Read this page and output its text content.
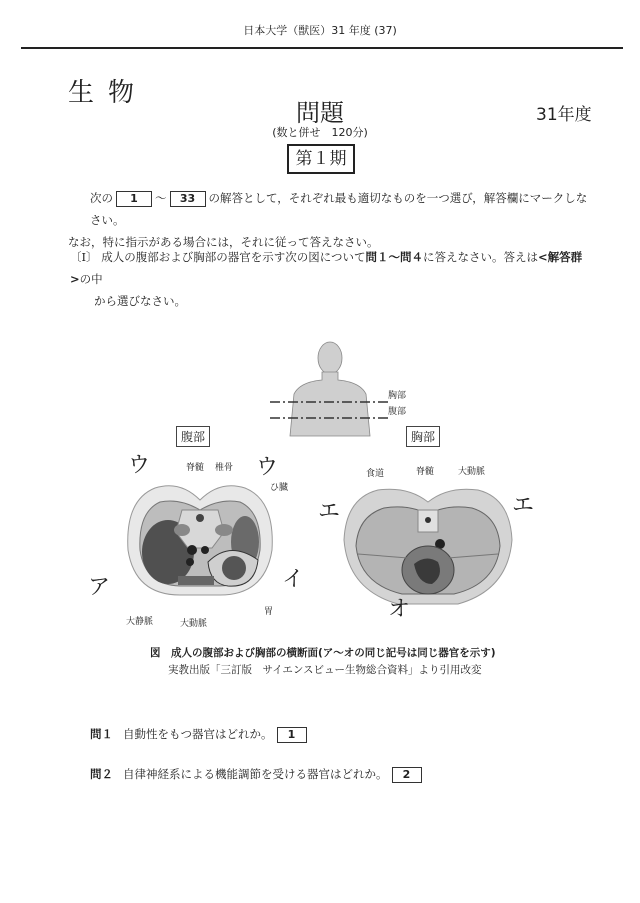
日本大学（獣医）31 年度 (37)
生物
問題	31年度
(数と併せ　120分)
第１期
次の 1 ～ 33 の解答として，それぞれ最も適切なものを一つ選び，解答欄にマークしなさい。
なお，特に指示がある場合には，それに従って答えなさい。
〔Ⅰ〕 成人の腹部および胸部の器官を示す次の図について問１～問４に答えなさい。答えは<解答群>の中
から選びなさい。
胸部
腹部
腹部
ウ	ウ
ア	イ
脊髄 椎骨
ひ臓
胃
大静脈	大動脈
胸部
エ	エ
オ
食道	脊髄	大動脈
図　成人の腹部および胸部の横断面(ア～オの同じ記号は同じ器官を示す)
実教出版「三訂版　サイエンスビュー生物総合資料」より引用改変
問１ 自動性をもつ器官はどれか。 1
問２ 自律神経系による機能調節を受ける器官はどれか。 2
